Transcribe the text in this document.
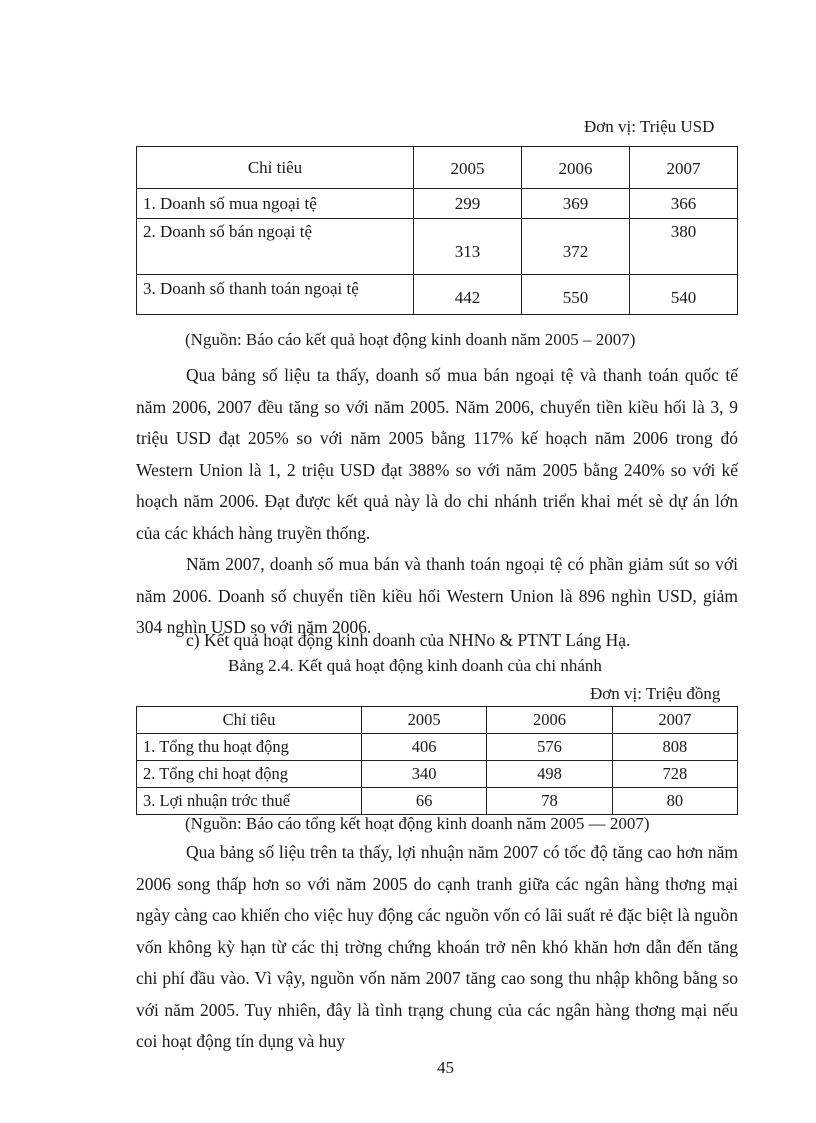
Đơn vị: Triệu USD
Chỉ tiêu	2005	2006	2007
1. Doanh số mua ngoại tệ	299	369	366
2. Doanh số bán ngoại tệ	313	372	380
3. Doanh số thanh toán ngoại tệ	442	550	540
(Nguồn: Báo cáo kết quả hoạt động kinh doanh năm 2005 – 2007)

Qua bảng số liệu ta thấy, doanh số mua bán ngoại tệ và thanh toán quốc tế năm 2006, 2007 đều tăng so với năm 2005. Năm 2006, chuyển tiền kiều hối là 3, 9 triệu USD đạt 205% so với năm 2005 bằng 117% kế hoạch năm 2006 trong đó Western Union là 1, 2 triệu USD đạt 388% so với năm 2005 bằng 240% so với kế hoạch năm 2006. Đạt được kết quả này là do chi nhánh triển khai mét sè dự án lớn của các khách hàng truyền thống.

Năm 2007, doanh số mua bán và thanh toán ngoại tệ có phần giảm sút so với năm 2006. Doanh số chuyển tiền kiều hối Western Union là 896 nghìn USD, giảm 304 nghìn USD so với năm 2006.

c) Kết quả hoạt động kinh doanh của NHNo & PTNT Láng Hạ.
Bảng 2.4. Kết quả hoạt động kinh doanh của chi nhánh
Đơn vị: Triệu đồng
Chỉ tiêu	2005	2006	2007
1. Tổng thu hoạt động	406	576	808
2. Tổng chi hoạt động	340	498	728
3. Lợi nhuận trớc thuế	66	78	80
(Nguồn: Báo cáo tổng kết hoạt động kinh doanh năm 2005 — 2007)

Qua bảng số liệu trên ta thấy, lợi nhuận năm 2007 có tốc độ tăng cao hơn năm 2006 song thấp hơn so với năm 2005 do cạnh tranh giữa các ngân hàng thơng mại ngày càng cao khiến cho việc huy động các nguồn vốn có lãi suất rẻ đặc biệt là nguồn vốn không kỳ hạn từ các thị trờng chứng khoán trở nên khó khăn hơn dẫn đến tăng chi phí đầu vào. Vì vậy, nguồn vốn năm 2007 tăng cao song thu nhập không bằng so với năm 2005. Tuy nhiên, đây là tình trạng chung của các ngân hàng thơng mại nếu coi hoạt động tín dụng và huy

45
